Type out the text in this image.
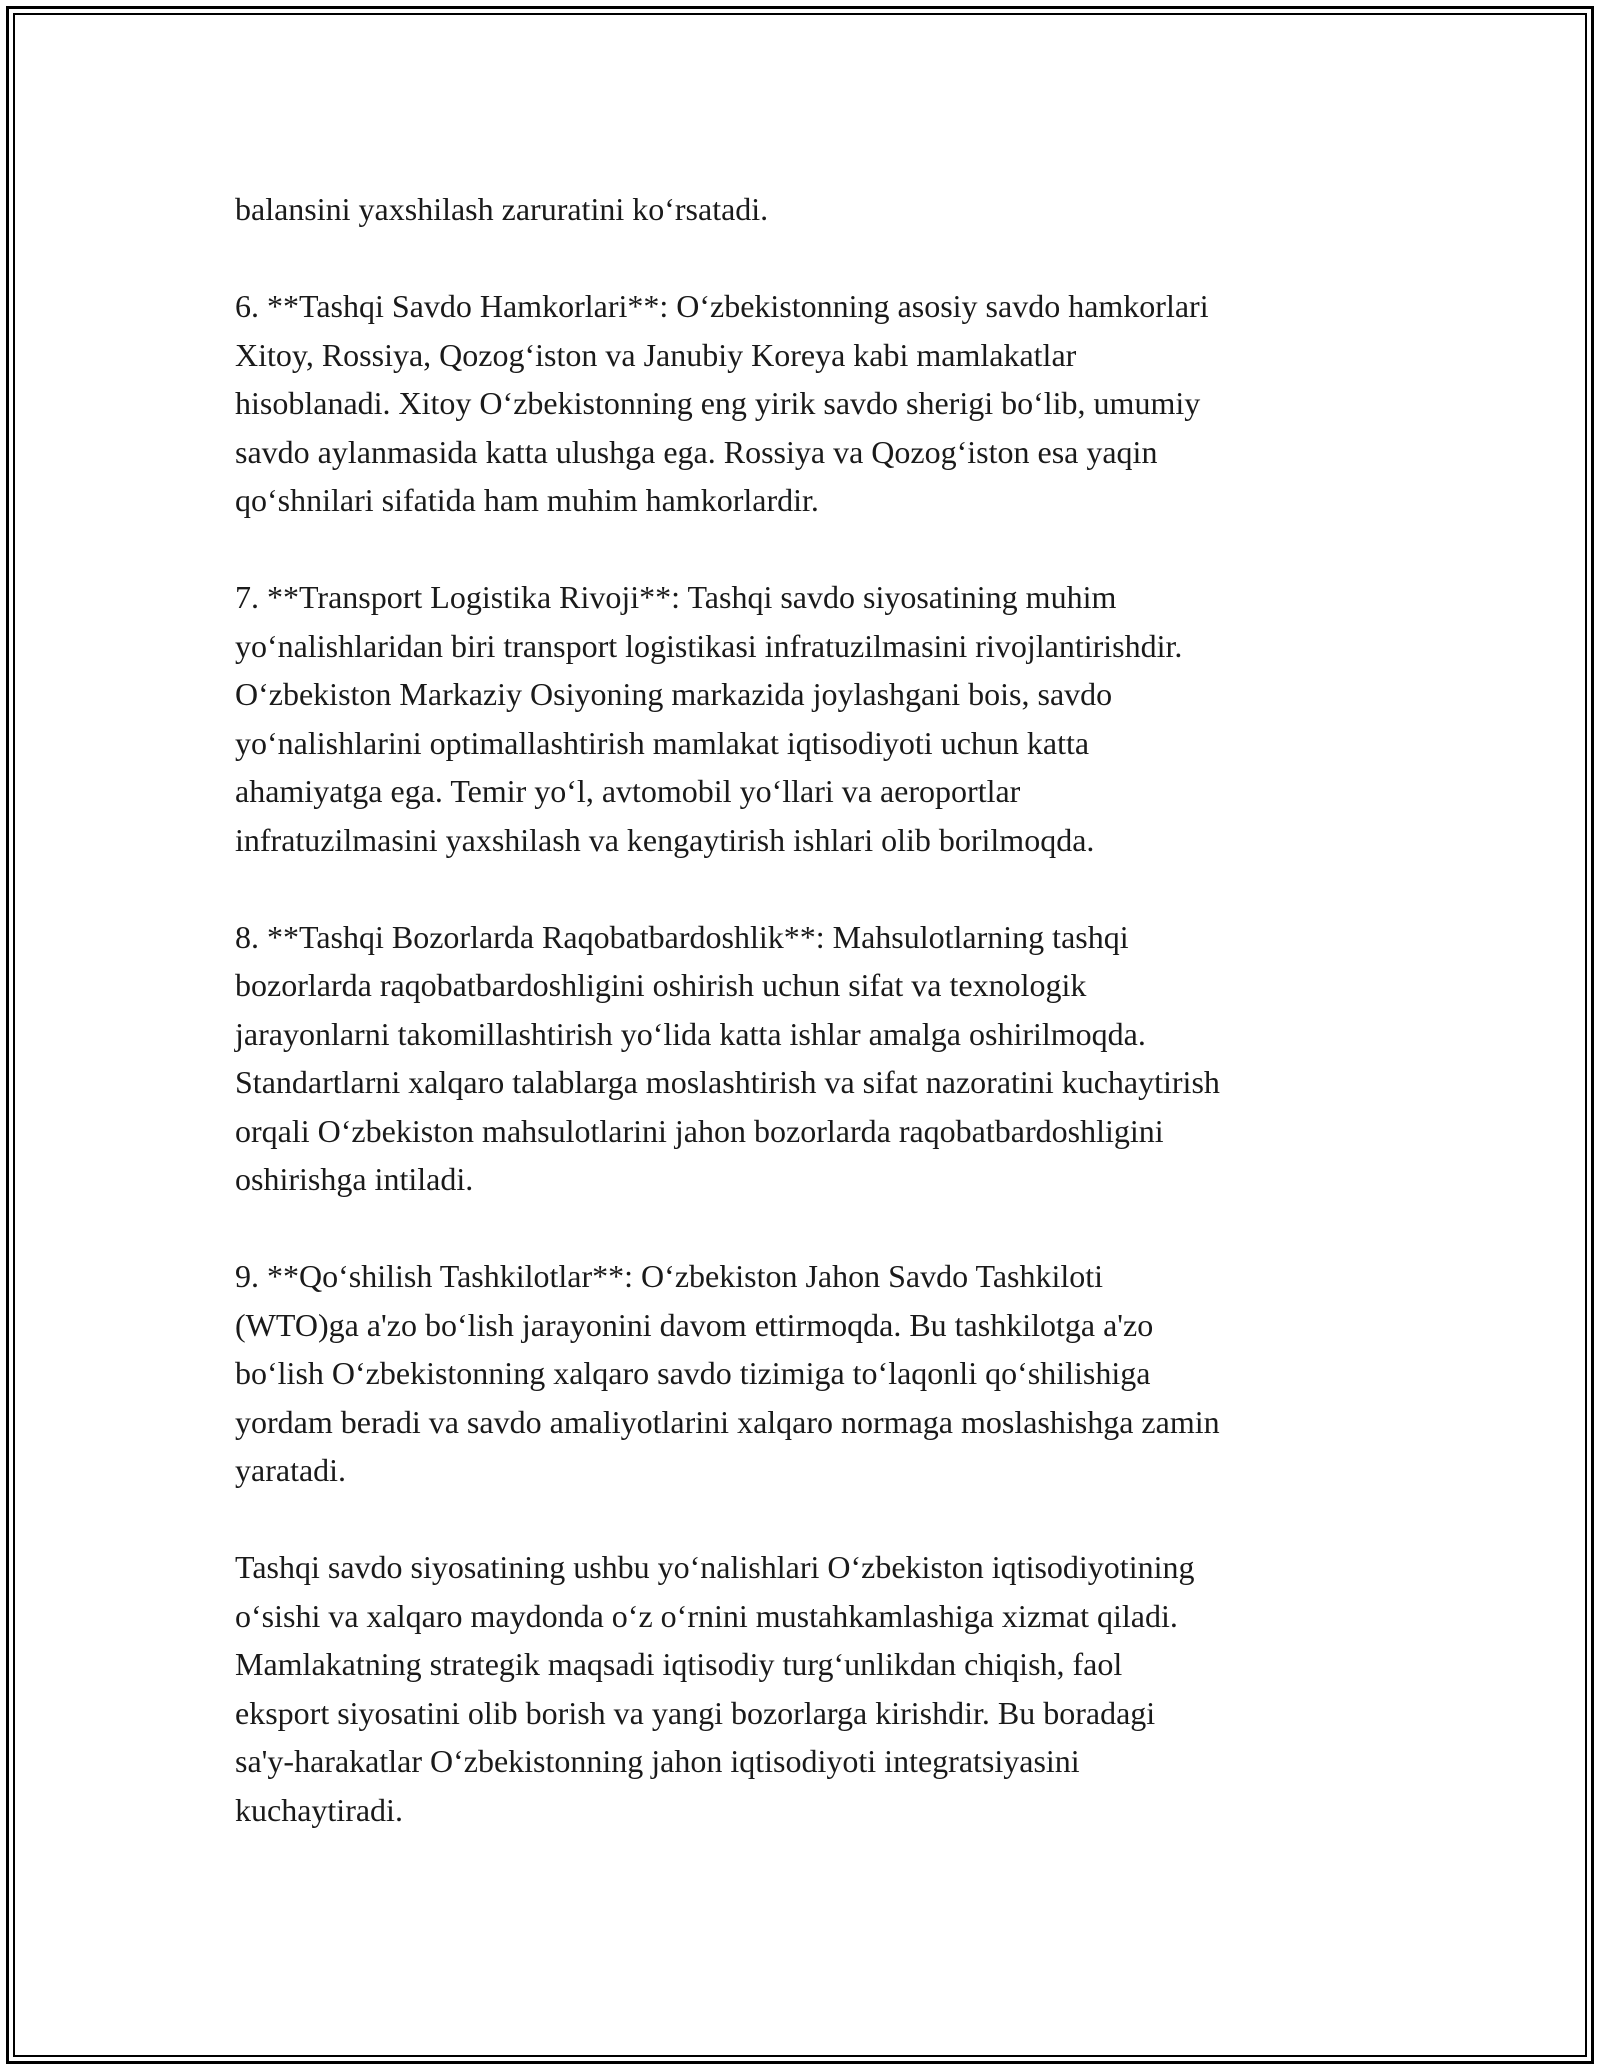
balansini yaxshilash zaruratini ko‘rsatadi.

6. **Tashqi Savdo Hamkorlari**: O‘zbekistonning asosiy savdo hamkorlari
Xitoy, Rossiya, Qozog‘iston va Janubiy Koreya kabi mamlakatlar
hisoblanadi. Xitoy O‘zbekistonning eng yirik savdo sherigi bo‘lib, umumiy
savdo aylanmasida katta ulushga ega. Rossiya va Qozog‘iston esa yaqin
qo‘shnilari sifatida ham muhim hamkorlardir.

7. **Transport Logistika Rivoji**: Tashqi savdo siyosatining muhim
yo‘nalishlaridan biri transport logistikasi infratuzilmasini rivojlantirishdir.
O‘zbekiston Markaziy Osiyoning markazida joylashgani bois, savdo
yo‘nalishlarini optimallashtirish mamlakat iqtisodiyoti uchun katta
ahamiyatga ega. Temir yo‘l, avtomobil yo‘llari va aeroportlar
infratuzilmasini yaxshilash va kengaytirish ishlari olib borilmoqda.

8. **Tashqi Bozorlarda Raqobatbardoshlik**: Mahsulotlarning tashqi
bozorlarda raqobatbardoshligini oshirish uchun sifat va texnologik
jarayonlarni takomillashtirish yo‘lida katta ishlar amalga oshirilmoqda.
Standartlarni xalqaro talablarga moslashtirish va sifat nazoratini kuchaytirish
orqali O‘zbekiston mahsulotlarini jahon bozorlarda raqobatbardoshligini
oshirishga intiladi.

9. **Qo‘shilish Tashkilotlar**: O‘zbekiston Jahon Savdo Tashkiloti
(WTO)ga a'zo bo‘lish jarayonini davom ettirmoqda. Bu tashkilotga a'zo
bo‘lish O‘zbekistonning xalqaro savdo tizimiga to‘laqonli qo‘shilishiga
yordam beradi va savdo amaliyotlarini xalqaro normaga moslashishga zamin
yaratadi.

Tashqi savdo siyosatining ushbu yo‘nalishlari O‘zbekiston iqtisodiyotining
o‘sishi va xalqaro maydonda o‘z o‘rnini mustahkamlashiga xizmat qiladi.
Mamlakatning strategik maqsadi iqtisodiy turg‘unlikdan chiqish, faol
eksport siyosatini olib borish va yangi bozorlarga kirishdir. Bu boradagi
sa'y-harakatlar O‘zbekistonning jahon iqtisodiyoti integratsiyasini
kuchaytiradi.
